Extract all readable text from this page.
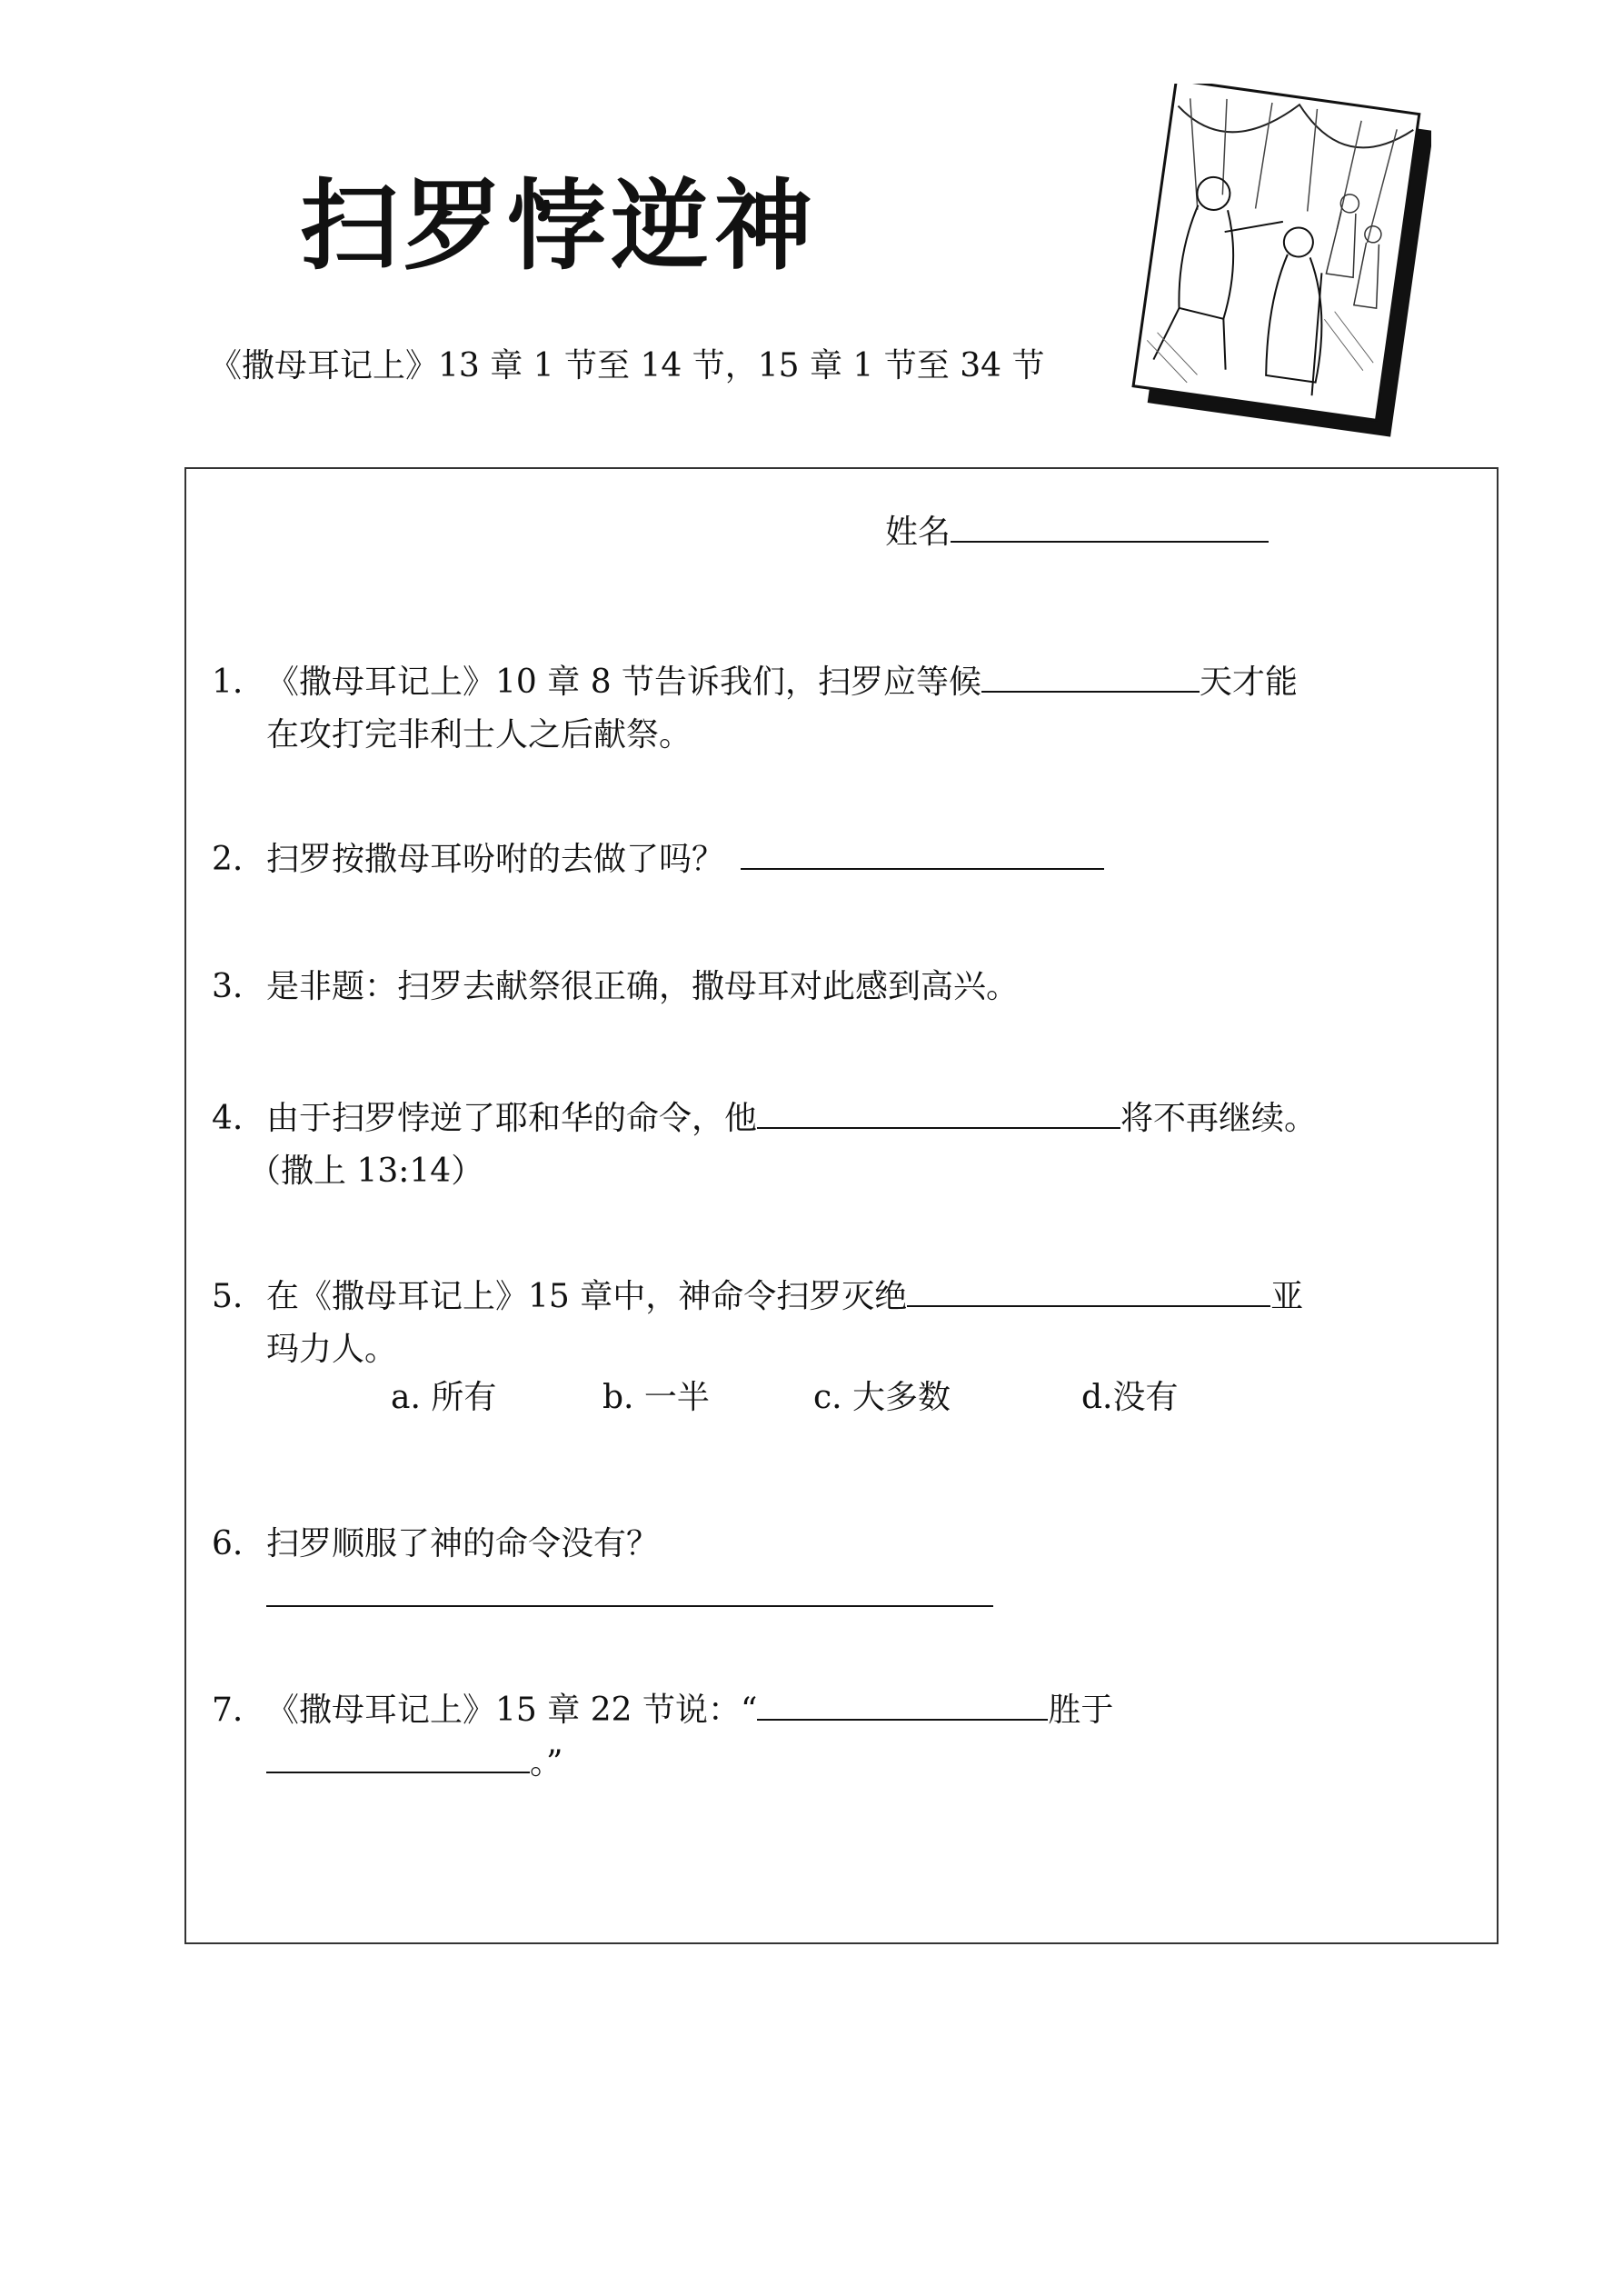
扫罗悖逆神
《撒母耳记上》13 章 1 节至 14 节，15 章 1 节至 34 节
姓名
1. 《撒母耳记上》10 章 8 节告诉我们，扫罗应等候	天才能
在攻打完非利士人之后献祭。
2. 扫罗按撒母耳吩咐的去做了吗？
3. 是非题：扫罗去献祭很正确，撒母耳对此感到高兴。
4. 由于扫罗悖逆了耶和华的命令，他	将不再继续。
（撒上 13:14）
5. 在《撒母耳记上》15 章中，神命令扫罗灭绝	亚
玛力人。
a. 所有	b. 一半	c. 大多数	d.没有
6. 扫罗顺服了神的命令没有？
7. 《撒母耳记上》15 章 22 节说：“	胜于
。”
